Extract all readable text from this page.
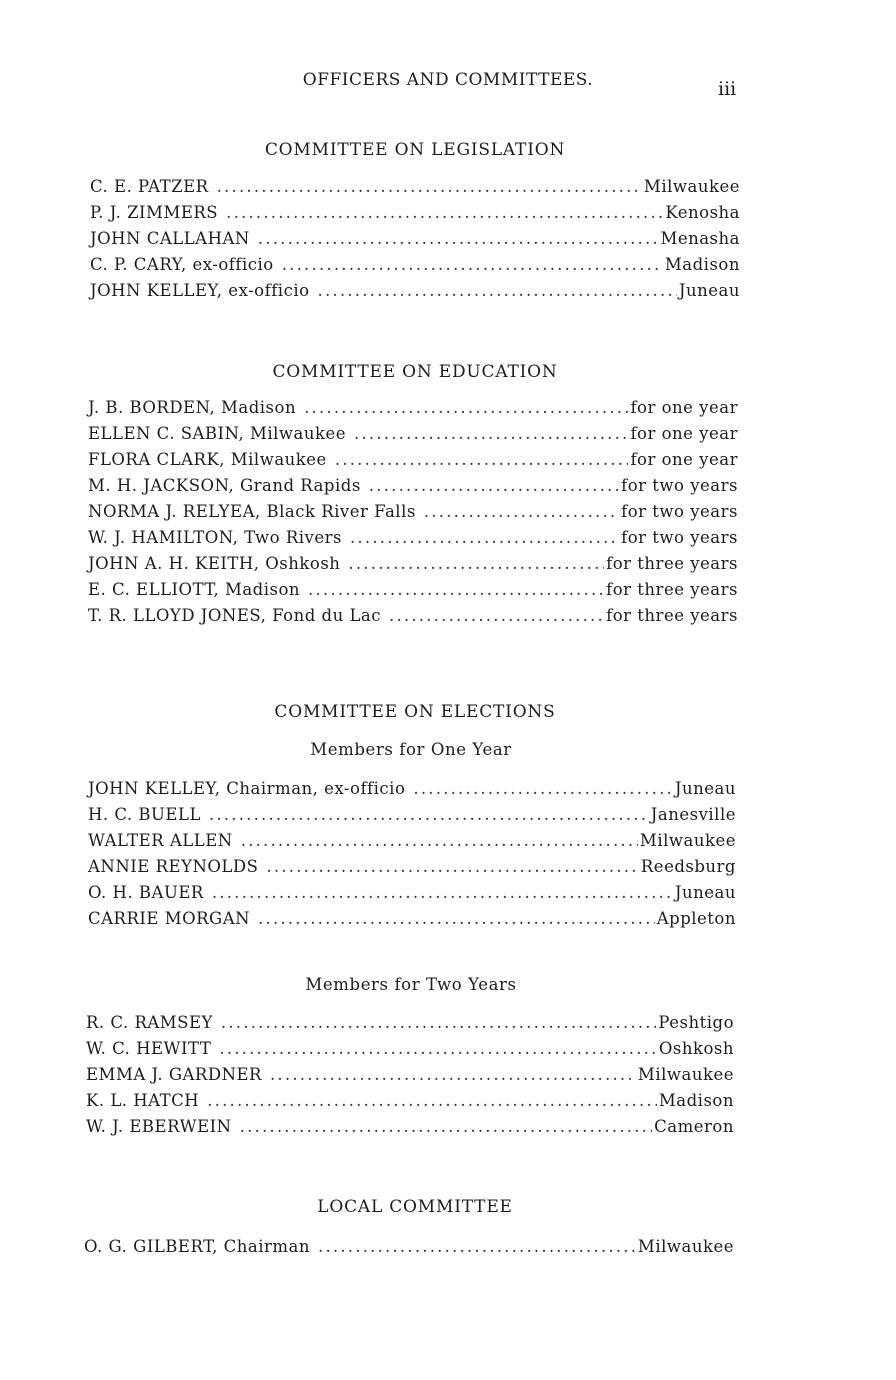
OFFICERS AND COMMITTEES.	iii
COMMITTEE ON LEGISLATION
C. E. PATZER .....	Milwaukee
P. J. ZIMMERS .....	Kenosha
JOHN CALLAHAN .....	Menasha
C. P. CARY, ex-officio .....	Madison
JOHN KELLEY, ex-officio .....	Juneau
COMMITTEE ON EDUCATION
J. B. BORDEN, Madison .....	for one year
ELLEN C. SABIN, Milwaukee .....	for one year
FLORA CLARK, Milwaukee .....	for one year
M. H. JACKSON, Grand Rapids .....	for two years
NORMA J. RELYEA, Black River Falls .....	for two years
W. J. HAMILTON, Two Rivers .....	for two years
JOHN A. H. KEITH, Oshkosh .....	for three years
E. C. ELLIOTT, Madison .....	for three years
T. R. LLOYD JONES, Fond du Lac .....	for three years
COMMITTEE ON ELECTIONS
Members for One Year
JOHN KELLEY, Chairman, ex-officio .....	Juneau
H. C. BUELL .....	Janesville
WALTER ALLEN .....	Milwaukee
ANNIE REYNOLDS .....	Reedsburg
O. H. BAUER .....	Juneau
CARRIE MORGAN .....	Appleton
Members for Two Years
R. C. RAMSEY .....	Peshtigo
W. C. HEWITT .....	Oshkosh
EMMA J. GARDNER .....	Milwaukee
K. L. HATCH .....	Madison
W. J. EBERWEIN .....	Cameron
LOCAL COMMITTEE
O. G. GILBERT, Chairman .....	Milwaukee
